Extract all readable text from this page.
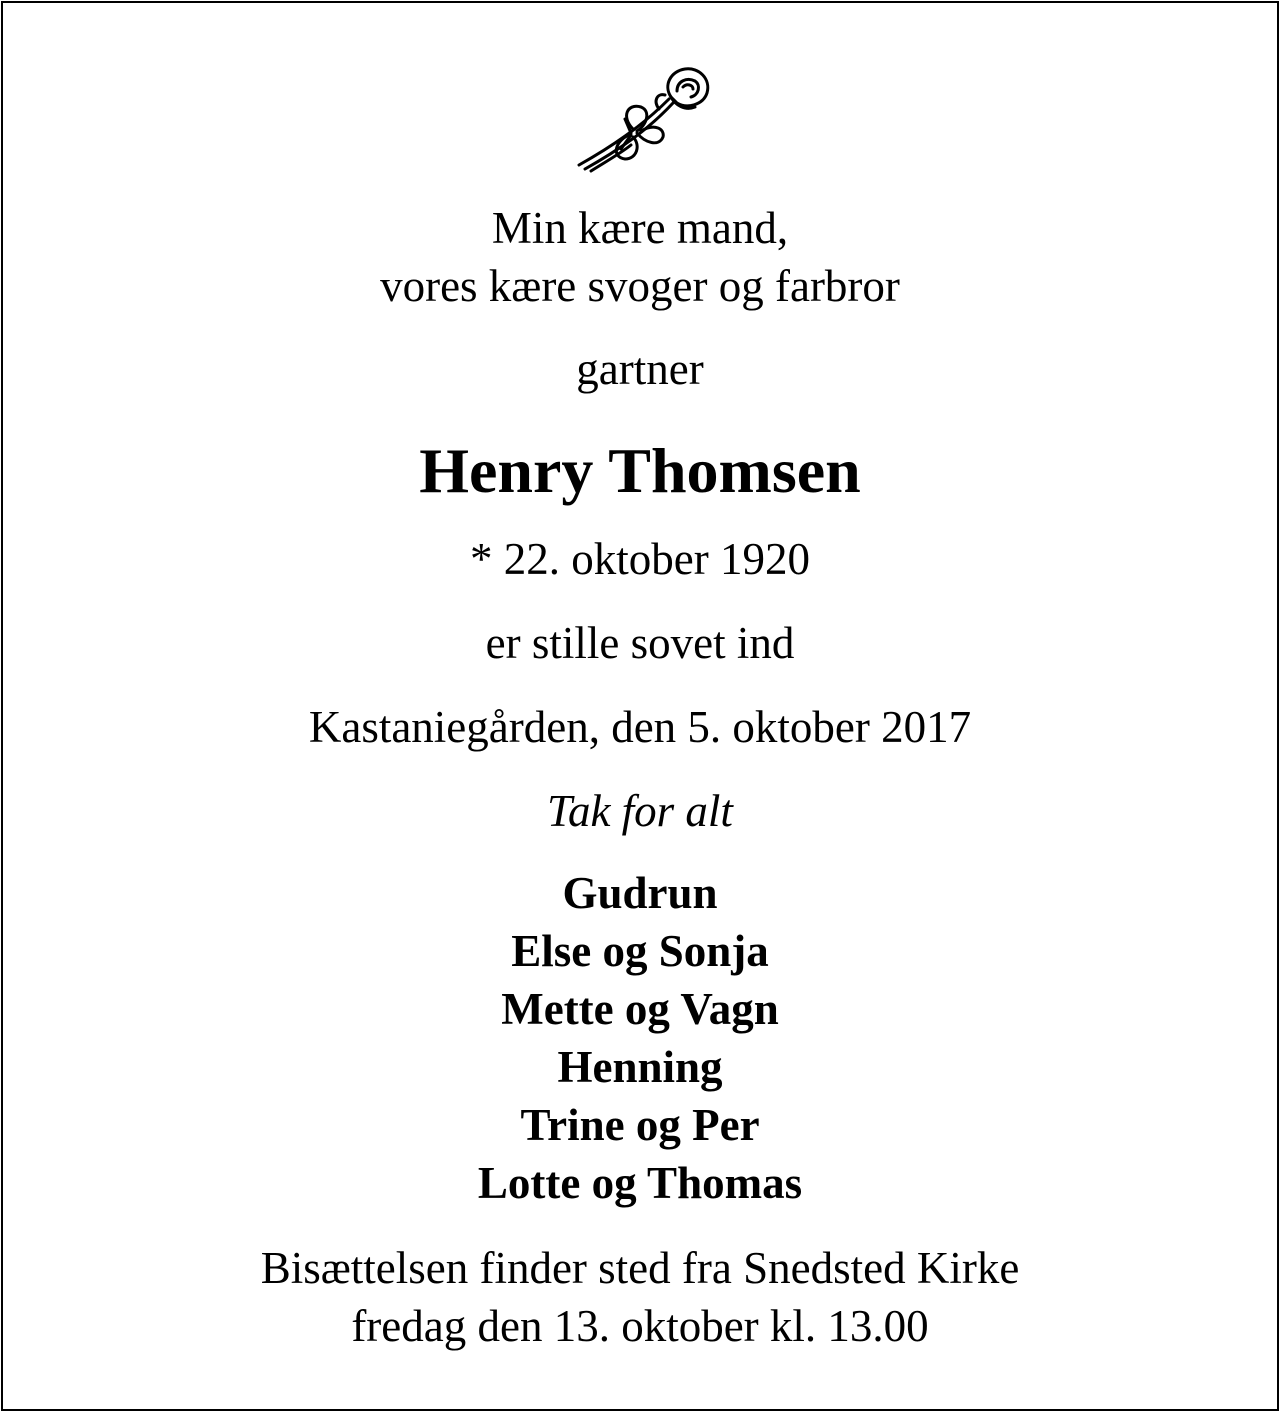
Min kære mand,
vores kære svoger og farbror
gartner
Henry Thomsen
* 22. oktober 1920
er stille sovet ind
Kastaniegården, den 5. oktober 2017
Tak for alt
Gudrun
Else og Sonja
Mette og Vagn
Henning
Trine og Per
Lotte og Thomas
Bisættelsen finder sted fra Snedsted Kirke
fredag den 13. oktober kl. 13.00
